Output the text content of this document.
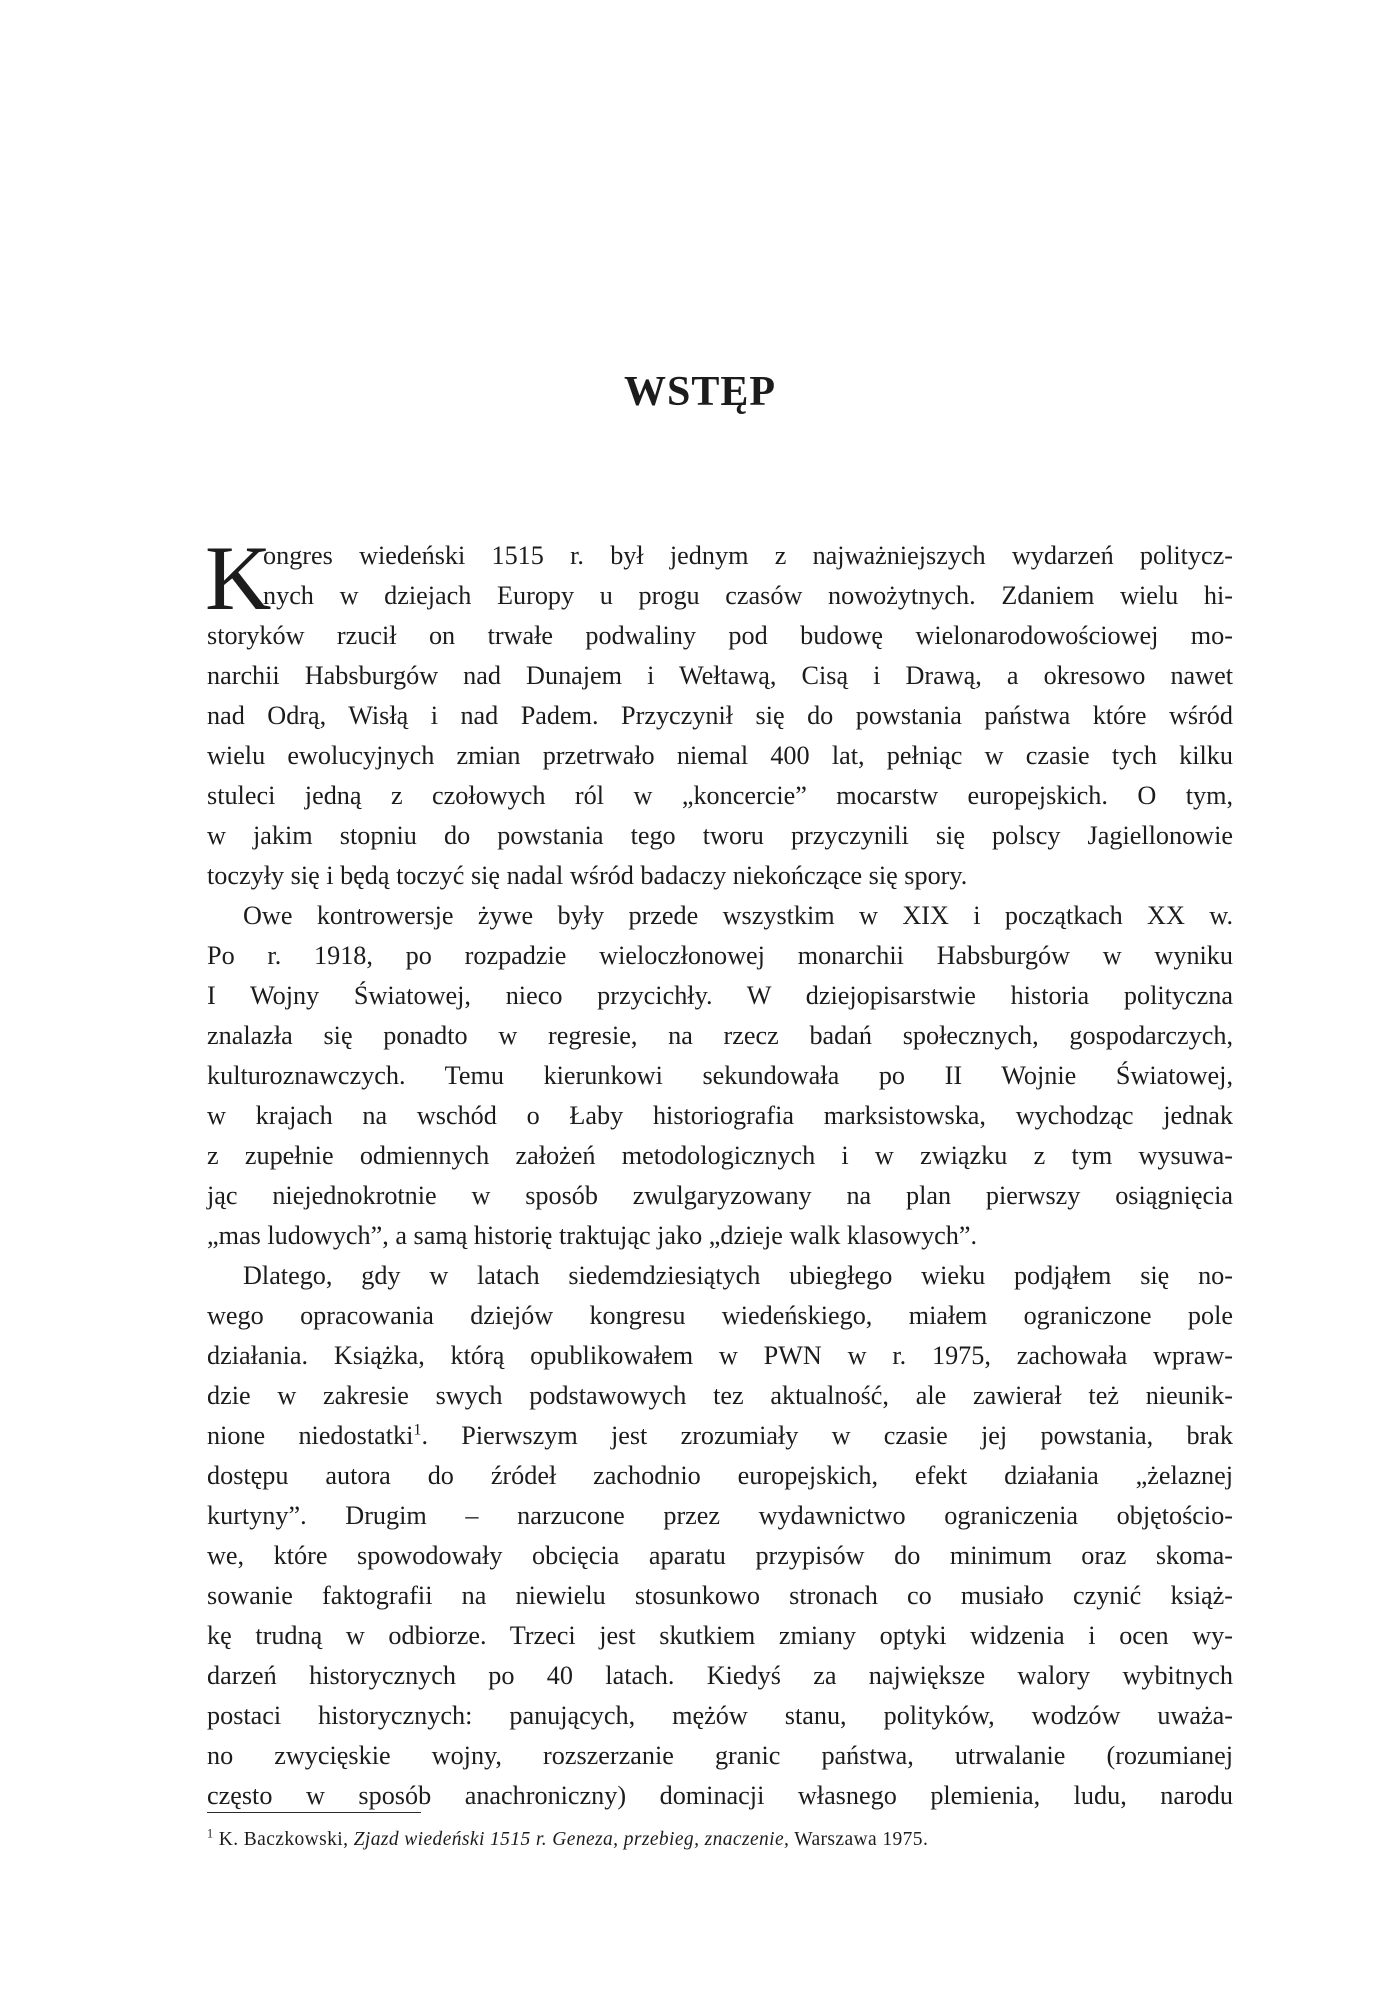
WSTĘP
K
ongres wiedeński 1515 r. był jednym z najważniejszych wydarzeń politycz-
nych w dziejach Europy u progu czasów nowożytnych. Zdaniem wielu hi-
storyków rzucił on trwałe podwaliny pod budowę wielonarodowościowej mo-
narchii Habsburgów nad Dunajem i Wełtawą, Cisą i Drawą, a okresowo nawet
nad Odrą, Wisłą i nad Padem. Przyczynił się do powstania państwa które wśród
wielu ewolucyjnych zmian przetrwało niemal 400 lat, pełniąc w czasie tych kilku
stuleci jedną z czołowych ról w „koncercie” mocarstw europejskich. O tym,
w jakim stopniu do powstania tego tworu przyczynili się polscy Jagiellonowie
toczyły się i będą toczyć się nadal wśród badaczy niekończące się spory.
Owe kontrowersje żywe były przede wszystkim w XIX i początkach XX w.
Po r. 1918, po rozpadzie wieloczłonowej monarchii Habsburgów w wyniku
I Wojny Światowej, nieco przycichły. W dziejopisarstwie historia polityczna
znalazła się ponadto w regresie, na rzecz badań społecznych, gospodarczych,
kulturoznawczych. Temu kierunkowi sekundowała po II Wojnie Światowej,
w krajach na wschód o Łaby historiografia marksistowska, wychodząc jednak
z zupełnie odmiennych założeń metodologicznych i w związku z tym wysuwa-
jąc niejednokrotnie w sposób zwulgaryzowany na plan pierwszy osiągnięcia
„mas ludowych”, a samą historię traktując jako „dzieje walk klasowych”.
Dlatego, gdy w latach siedemdziesiątych ubiegłego wieku podjąłem się no-
wego opracowania dziejów kongresu wiedeńskiego, miałem ograniczone pole
działania. Książka, którą opublikowałem w PWN w r. 1975, zachowała wpraw-
dzie w zakresie swych podstawowych tez aktualność, ale zawierał też nieunik-
nione niedostatki$^1$. Pierwszym jest zrozumiały w czasie jej powstania, brak
dostępu autora do źródeł zachodnio europejskich, efekt działania „żelaznej
kurtyny”. Drugim – narzucone przez wydawnictwo ograniczenia objętościo-
we, które spowodowały obcięcia aparatu przypisów do minimum oraz skoma-
sowanie faktografii na niewielu stosunkowo stronach co musiało czynić książ-
kę trudną w odbiorze. Trzeci jest skutkiem zmiany optyki widzenia i ocen wy-
darzeń historycznych po 40 latach. Kiedyś za największe walory wybitnych
postaci historycznych: panujących, mężów stanu, polityków, wodzów uważa-
no zwycięskie wojny, rozszerzanie granic państwa, utrwalanie (rozumianej
często w sposób anachroniczny) dominacji własnego plemienia, ludu, narodu
$^1$ K. Baczkowski, Zjazd wiedeński 1515 r. Geneza, przebieg, znaczenie, Warszawa 1975.
